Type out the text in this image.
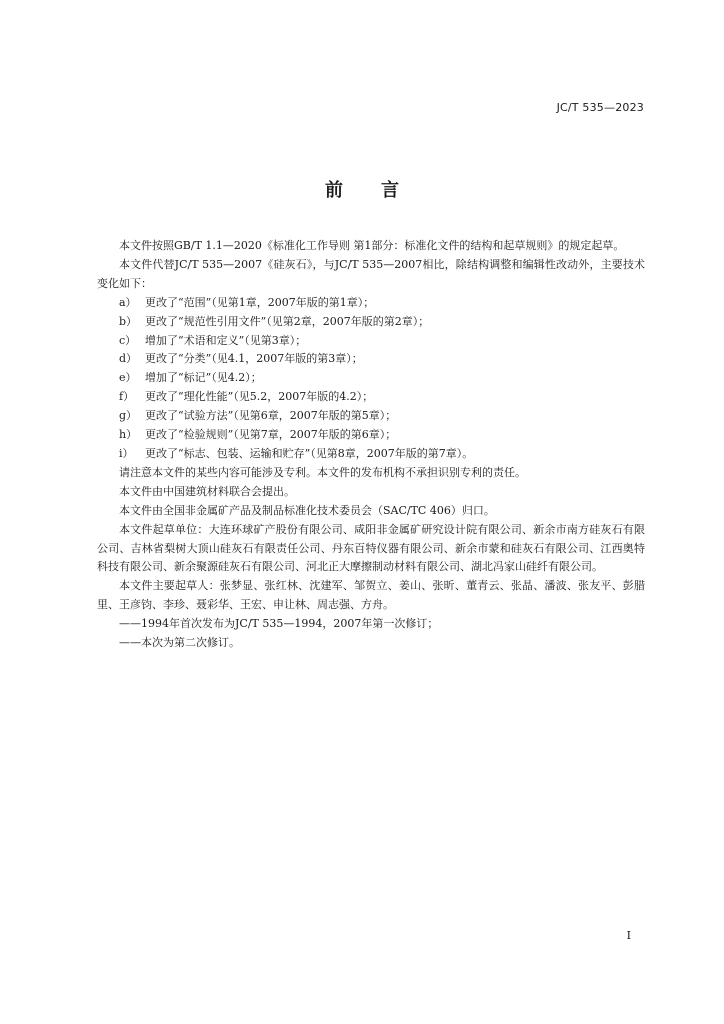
JC/T 535—2023
前言

本文件按照GB/T 1.1—2020《标准化工作导则 第1部分：标准化文件的结构和起草规则》的规定起草。

本文件代替JC/T 535—2007《硅灰石》，与JC/T 535—2007相比，除结构调整和编辑性改动外，主要技术变化如下：

a） 更改了“范围”（见第1章，2007年版的第1章）；
b） 更改了“规范性引用文件”（见第2章，2007年版的第2章）；
c） 增加了“术语和定义”（见第3章）；
d） 更改了“分类”（见4.1，2007年版的第3章）；
e） 增加了“标记”（见4.2）；
f） 更改了“理化性能”（见5.2，2007年版的4.2）；
g） 更改了“试验方法”（见第6章，2007年版的第5章）；
h） 更改了“检验规则”（见第7章，2007年版的第6章）；
i）	更改了“标志、包装、运输和贮存”（见第8章，2007年版的第7章）。

请注意本文件的某些内容可能涉及专利。本文件的发布机构不承担识别专利的责任。

本文件由中国建筑材料联合会提出。

本文件由全国非金属矿产品及制品标准化技术委员会（SAC/TC 406）归口。

本文件起草单位：大连环球矿产股份有限公司、咸阳非金属矿研究设计院有限公司、新余市南方硅灰石有限公司、吉林省梨树大顶山硅灰石有限责任公司、丹东百特仪器有限公司、新余市蒙和硅灰石有限公司、江西奥特科技有限公司、新余聚源硅灰石有限公司、河北正大摩擦制动材料有限公司、湖北冯家山硅纤有限公司。

本文件主要起草人：张梦显、张红林、沈建军、邹贺立、姜山、张昕、董青云、张晶、潘波、张友平、彭腊里、王彦钧、李珍、聂彩华、王宏、申让林、周志强、方舟。

——1994年首次发布为JC/T 535—1994，2007年第一次修订；

——本次为第二次修订。

I
